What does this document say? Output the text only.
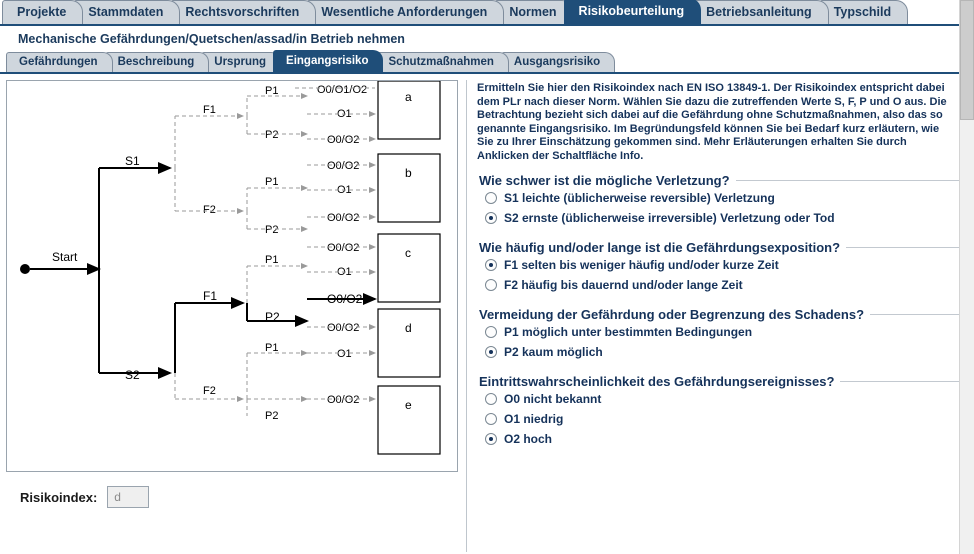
Projekte	Stammdaten	Rechtsvorschriften	Wesentliche Anforderungen	Normen	Risikobeurteilung	Betriebsanleitung	Typschild
Mechanische Gefährdungen/Quetschen/assad/in Betrieb nehmen
Gefährdungen	Beschreibung	Ursprung	Eingangsrisiko	Schutzmaßnahmen	Ausgangsrisiko
Start
S1
S2
F1
F2
F1
F2
P1
P2
P1
P2
P1
P2
P1
P2
O0/O1/O2
O1
O0/O2
O0/O2
O1
O0/O2
O0/O2
O1
O0/O2
O0/O2
O1
O0/O2
a
b
c
d
e
Risikoindex:	d
Ermitteln Sie hier den Risikoindex nach EN ISO 13849-1. Der Risikoindex entspricht dabei dem PLr nach dieser Norm. Wählen Sie dazu die zutreffenden Werte S, F, P und O aus. Die Betrachtung bezieht sich dabei auf die Gefährdung ohne Schutzmaßnahmen, also das so genannte Eingangsrisiko. Im Begründungsfeld können Sie bei Bedarf kurz erläutern, wie Sie zu Ihrer Einschätzung gekommen sind. Mehr Erläuterungen erhalten Sie durch Anklicken der Schaltfläche Info.
Wie schwer ist die mögliche Verletzung?
S1 leichte (üblicherweise reversible) Verletzung
S2 ernste (üblicherweise irreversible) Verletzung oder Tod
Wie häufig und/oder lange ist die Gefährdungsexposition?
F1 selten bis weniger häufig und/oder kurze Zeit
F2 häufig bis dauernd und/oder lange Zeit
Vermeidung der Gefährdung oder Begrenzung des Schadens?
P1 möglich unter bestimmten Bedingungen
P2 kaum möglich
Eintrittswahrscheinlichkeit des Gefährdungsereignisses?
O0 nicht bekannt
O1 niedrig
O2 hoch
